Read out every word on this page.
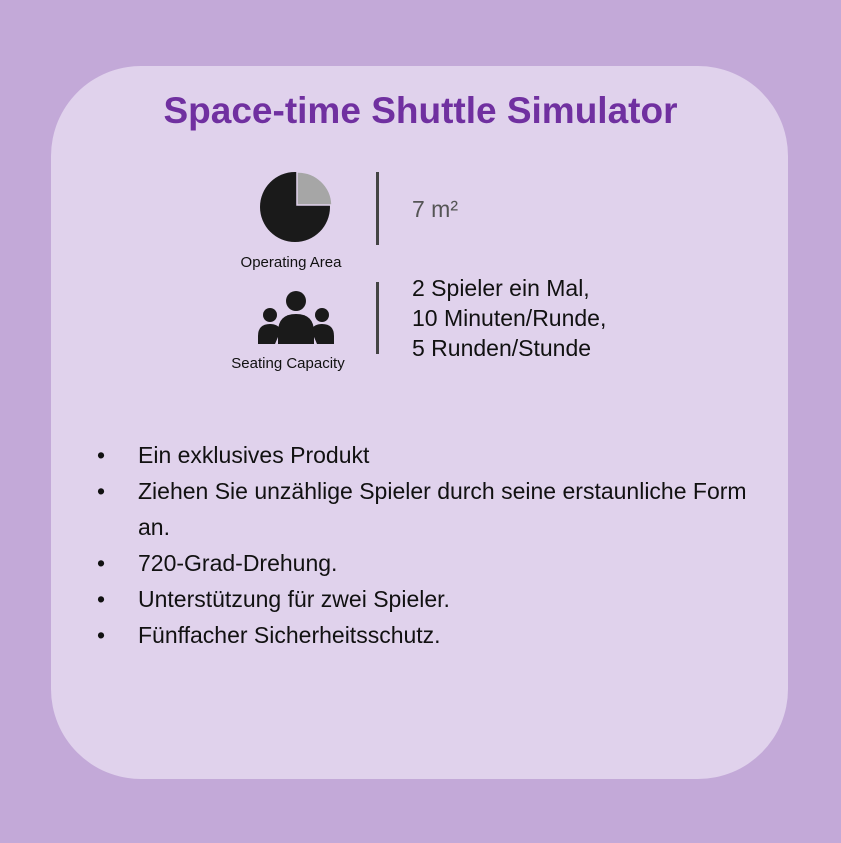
Space-time Shuttle Simulator
Operating Area
7 m²
Seating Capacity
2 Spieler ein Mal,
10 Minuten/Runde,
5 Runden/Stunde
• Ein exklusives Produkt
• Ziehen Sie unzählige Spieler durch seine erstaunliche Form an.
• 720-Grad-Drehung.
• Unterstützung für zwei Spieler.
• Fünffacher Sicherheitsschutz.
